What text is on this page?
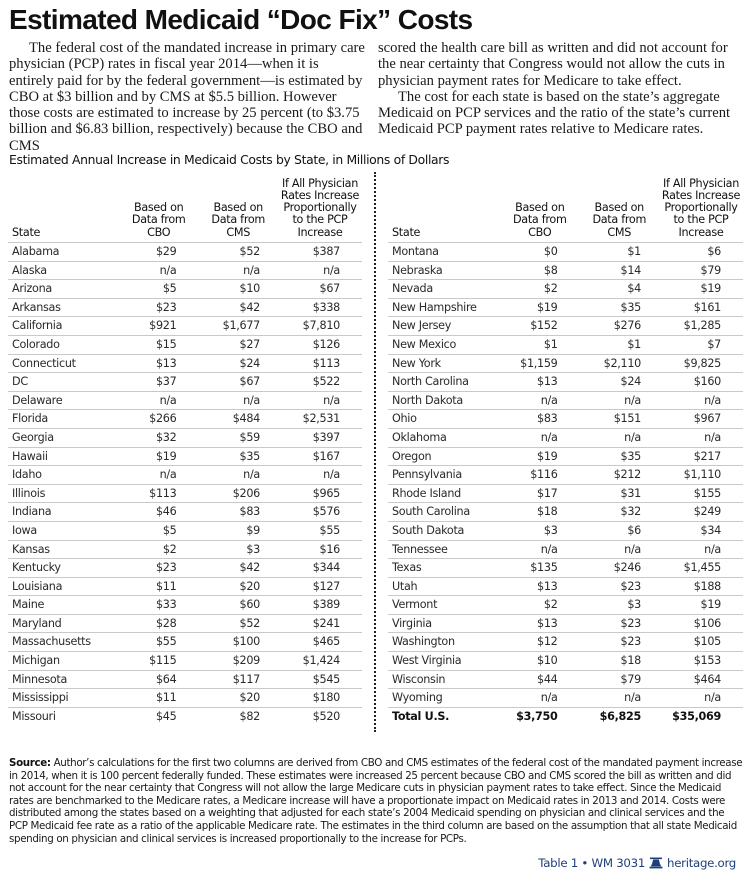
Estimated Medicaid “Doc Fix” Costs

The federal cost of the mandated increase in primary care physician (PCP) rates in fiscal year 2014—when it is entirely paid for by the federal government—is estimated by CBO at $3 billion and by CMS at $5.5 billion. However those costs are estimated to increase by 25 percent (to $3.75 billion and $6.83 billion, respectively) because the CBO and CMS

scored the health care bill as written and did not account for the near certainty that Congress would not allow the cuts in physician payment rates for Medicare to take effect.

The cost for each state is based on the state’s aggregate Medicaid on PCP services and the ratio of the state’s current Medicaid PCP payment rates relative to Medicare rates.

Estimated Annual Increase in Medicaid Costs by State, in Millions of Dollars
State	Based on Data from CBO	Based on Data from CMS	If All Physician Rates Increase Proportionally to the PCP Increase
Alabama	$29	$52	$387
Alaska	n/a	n/a	n/a
Arizona	$5	$10	$67
Arkansas	$23	$42	$338
California	$921	$1,677	$7,810
Colorado	$15	$27	$126
Connecticut	$13	$24	$113
DC	$37	$67	$522
Delaware	n/a	n/a	n/a
Florida	$266	$484	$2,531
Georgia	$32	$59	$397
Hawaii	$19	$35	$167
Idaho	n/a	n/a	n/a
Illinois	$113	$206	$965
Indiana	$46	$83	$576
Iowa	$5	$9	$55
Kansas	$2	$3	$16
Kentucky	$23	$42	$344
Louisiana	$11	$20	$127
Maine	$33	$60	$389
Maryland	$28	$52	$241
Massachusetts	$55	$100	$465
Michigan	$115	$209	$1,424
Minnesota	$64	$117	$545
Mississippi	$11	$20	$180
Missouri	$45	$82	$520
State	Based on Data from CBO	Based on Data from CMS	If All Physician Rates Increase Proportionally to the PCP Increase
Montana	$0	$1	$6
Nebraska	$8	$14	$79
Nevada	$2	$4	$19
New Hampshire	$19	$35	$161
New Jersey	$152	$276	$1,285
New Mexico	$1	$1	$7
New York	$1,159	$2,110	$9,825
North Carolina	$13	$24	$160
North Dakota	n/a	n/a	n/a
Ohio	$83	$151	$967
Oklahoma	n/a	n/a	n/a
Oregon	$19	$35	$217
Pennsylvania	$116	$212	$1,110
Rhode Island	$17	$31	$155
South Carolina	$18	$32	$249
South Dakota	$3	$6	$34
Tennessee	n/a	n/a	n/a
Texas	$135	$246	$1,455
Utah	$13	$23	$188
Vermont	$2	$3	$19
Virginia	$13	$23	$106
Washington	$12	$23	$105
West Virginia	$10	$18	$153
Wisconsin	$44	$79	$464
Wyoming	n/a	n/a	n/a
Total U.S.	$3,750	$6,825	$35,069
Source: Author’s calculations for the first two columns are derived from CBO and CMS estimates of the federal cost of the mandated payment increase in 2014, when it is 100 percent federally funded. These estimates were increased 25 percent because CBO and CMS scored the bill as written and did not account for the near certainty that Congress will not allow the large Medicare cuts in physician payment rates to take effect. Since the Medicaid rates are benchmarked to the Medicare rates, a Medicare increase will have a proportionate impact on Medicaid rates in 2013 and 2014. Costs were distributed among the states based on a weighting that adjusted for each state’s 2004 Medicaid spending on physician and clinical services and the PCP Medicaid fee rate as a ratio of the applicable Medicare rate. The estimates in the third column are based on the assumption that all state Medicaid spending on physician and clinical services is increased proportionally to the increase for PCPs.
Table 1 • WM 3031 heritage.org
